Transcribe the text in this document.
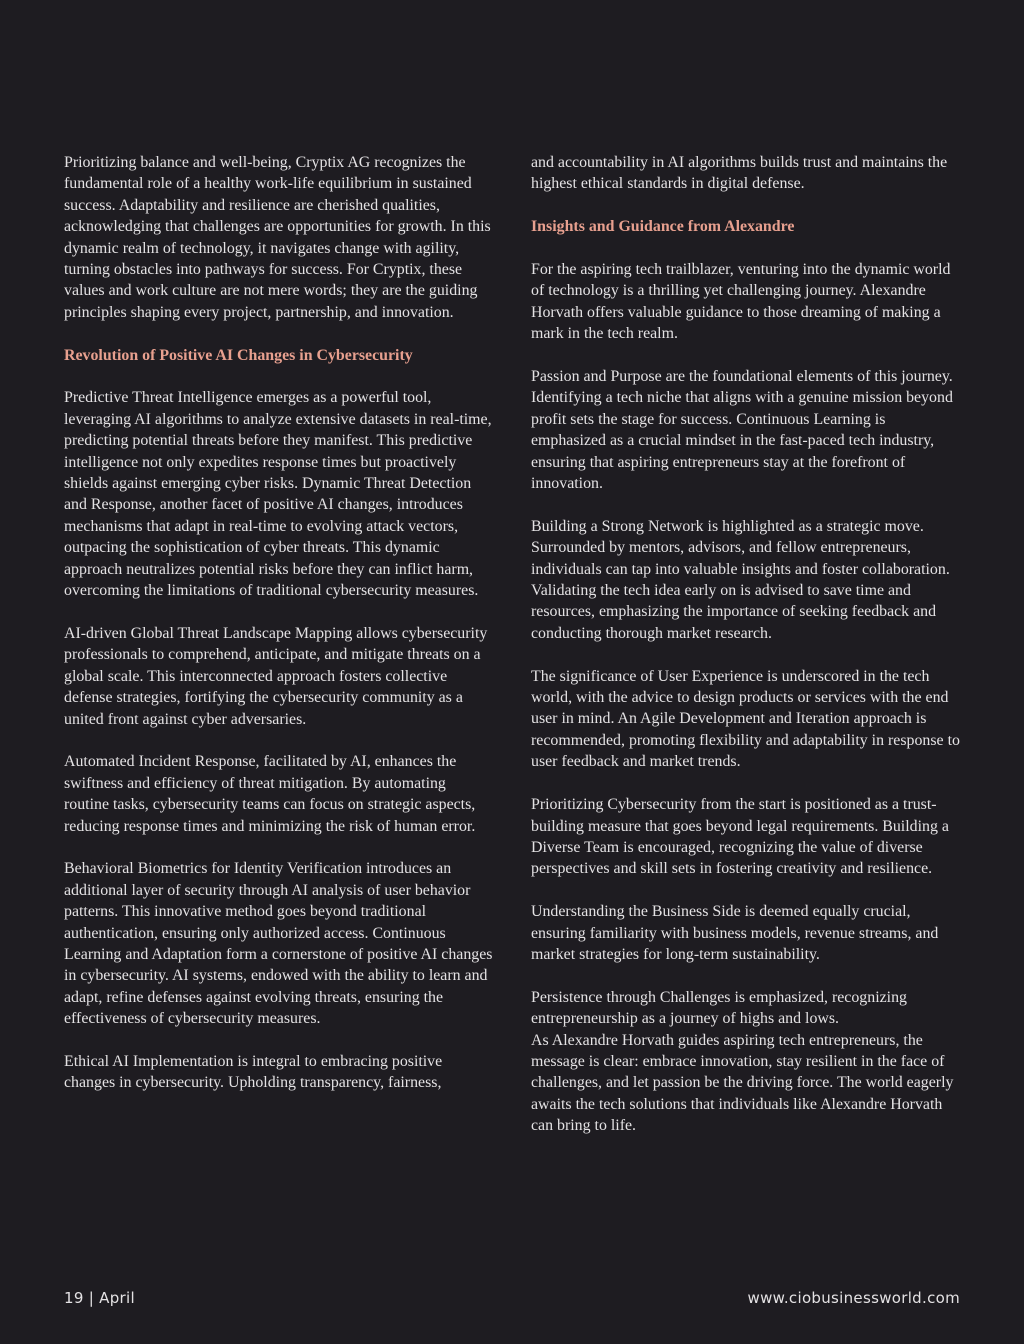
Prioritizing balance and well-being, Cryptix AG recognizes the fundamental role of a healthy work-life equilibrium in sustained success. Adaptability and resilience are cherished qualities, acknowledging that challenges are opportunities for growth. In this dynamic realm of technology, it navigates change with agility, turning obstacles into pathways for success. For Cryptix, these values and work culture are not mere words; they are the guiding principles shaping every project, partnership, and innovation.

Revolution of Positive AI Changes in Cybersecurity

Predictive Threat Intelligence emerges as a powerful tool, leveraging AI algorithms to analyze extensive datasets in real-time, predicting potential threats before they manifest. This predictive intelligence not only expedites response times but proactively shields against emerging cyber risks. Dynamic Threat Detection and Response, another facet of positive AI changes, introduces mechanisms that adapt in real-time to evolving attack vectors, outpacing the sophistication of cyber threats. This dynamic approach neutralizes potential risks before they can inflict harm, overcoming the limitations of traditional cybersecurity measures.

AI-driven Global Threat Landscape Mapping allows cybersecurity professionals to comprehend, anticipate, and mitigate threats on a global scale. This interconnected approach fosters collective defense strategies, fortifying the cybersecurity community as a united front against cyber adversaries.

Automated Incident Response, facilitated by AI, enhances the swiftness and efficiency of threat mitigation. By automating routine tasks, cybersecurity teams can focus on strategic aspects, reducing response times and minimizing the risk of human error.

Behavioral Biometrics for Identity Verification introduces an additional layer of security through AI analysis of user behavior patterns. This innovative method goes beyond traditional authentication, ensuring only authorized access. Continuous Learning and Adaptation form a cornerstone of positive AI changes in cybersecurity. AI systems, endowed with the ability to learn and adapt, refine defenses against evolving threats, ensuring the effectiveness of cybersecurity measures.

Ethical AI Implementation is integral to embracing positive changes in cybersecurity. Upholding transparency, fairness,

and accountability in AI algorithms builds trust and maintains the highest ethical standards in digital defense.

Insights and Guidance from Alexandre

For the aspiring tech trailblazer, venturing into the dynamic world of technology is a thrilling yet challenging journey. Alexandre Horvath offers valuable guidance to those dreaming of making a mark in the tech realm.

Passion and Purpose are the foundational elements of this journey. Identifying a tech niche that aligns with a genuine mission beyond profit sets the stage for success. Continuous Learning is emphasized as a crucial mindset in the fast-paced tech industry, ensuring that aspiring entrepreneurs stay at the forefront of innovation.

Building a Strong Network is highlighted as a strategic move. Surrounded by mentors, advisors, and fellow entrepreneurs, individuals can tap into valuable insights and foster collaboration. Validating the tech idea early on is advised to save time and resources, emphasizing the importance of seeking feedback and conducting thorough market research.

The significance of User Experience is underscored in the tech world, with the advice to design products or services with the end user in mind. An Agile Development and Iteration approach is recommended, promoting flexibility and adaptability in response to user feedback and market trends.

Prioritizing Cybersecurity from the start is positioned as a trust-building measure that goes beyond legal requirements. Building a Diverse Team is encouraged, recognizing the value of diverse perspectives and skill sets in fostering creativity and resilience.

Understanding the Business Side is deemed equally crucial, ensuring familiarity with business models, revenue streams, and market strategies for long-term sustainability.

Persistence through Challenges is emphasized, recognizing entrepreneurship as a journey of highs and lows.

As Alexandre Horvath guides aspiring tech entrepreneurs, the message is clear: embrace innovation, stay resilient in the face of challenges, and let passion be the driving force. The world eagerly awaits the tech solutions that individuals like Alexandre Horvath can bring to life.

19 | April	www.ciobusinessworld.com
